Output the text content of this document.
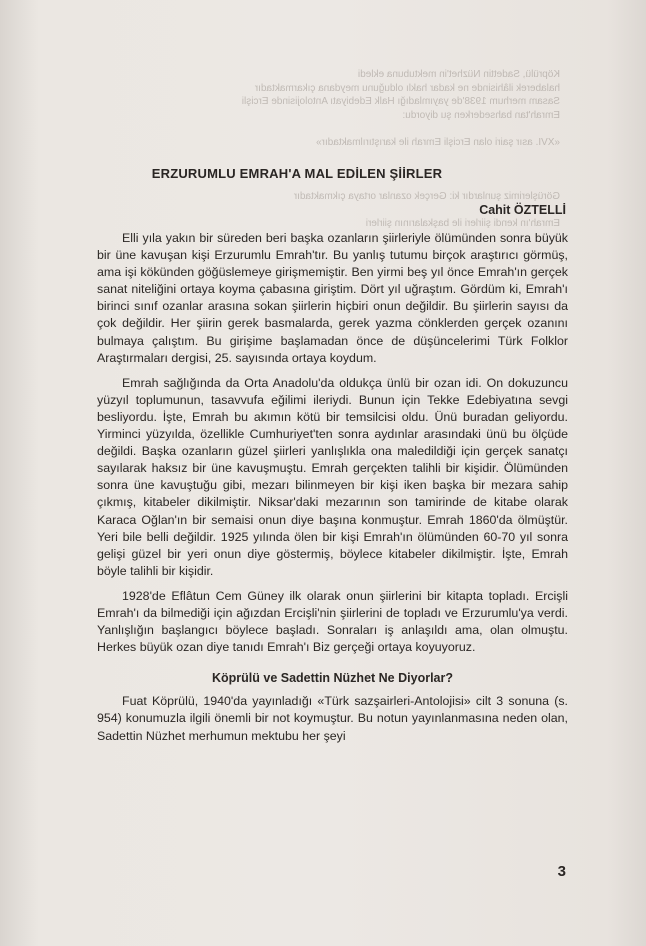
Köprülü, Sadettin Nüzhet'in mektubuna ekledi
halaberek ilâhisinde ne kadar haklı olduğunu meydana çıkarmaktadır
Sasam merhum 1938'de yayımladığı Halk Edebiyatı Antolojisinde Ercişli
Emrah'tan bahsederken şu diyordu:

«XVI. asır şairi olan Ercişli Emrah ile karıştırılmaktadır»

Görüşlerimiz şunlardır ki: Gerçek ozanlar ortaya çıkmaktadır

Emrah'ın kendi şiirleri ile başkalarının şiirleri
ERZURUMLU EMRAH'A MAL EDİLEN ŞİİRLER
Cahit ÖZTELLİ

Elli yıla yakın bir süreden beri başka ozanların şiirleriyle ölümünden sonra büyük bir üne kavuşan kişi Erzurumlu Emrah'tır. Bu yanlış tutumu birçok araştırıcı görmüş, ama işi kökünden göğüslemeye girişmemiştir. Ben yirmi beş yıl önce Emrah'ın gerçek sanat niteliğini ortaya koyma çabasına giriştim. Dört yıl uğraştım. Gördüm ki, Emrah'ı birinci sınıf ozanlar arasına sokan şiirlerin hiçbiri onun değildir. Bu şiirlerin sayısı da çok değildir. Her şiirin gerek basmalarda, gerek yazma cönklerden gerçek ozanını bulmaya çalıştım. Bu girişime başlamadan önce de düşüncelerimi Türk Folklor Araştırmaları dergisi, 25. sayısında ortaya koydum.

Emrah sağlığında da Orta Anadolu'da oldukça ünlü bir ozan idi. On dokuzuncu yüzyıl toplumunun, tasavvufa eğilimi ileriydi. Bunun için Tekke Edebiyatına sevgi besliyordu. İşte, Emrah bu akımın kötü bir temsilcisi oldu. Ünü buradan geliyordu. Yirminci yüzyılda, özellikle Cumhuriyet'ten sonra aydınlar arasındaki ünü bu ölçüde değildi. Başka ozanların güzel şiirleri yanlışlıkla ona maledildiği için gerçek sanatçı sayılarak haksız bir üne kavuşmuştu. Emrah gerçekten talihli bir kişidir. Ölümünden sonra üne kavuştuğu gibi, mezarı bilinmeyen bir kişi iken başka bir mezara sahip çıkmış, kitabeler dikilmiştir. Niksar'daki mezarının son tamirinde de kitabe olarak Karaca Oğlan'ın bir semaisi onun diye başına konmuştur. Emrah 1860'da ölmüştür. Yeri bile belli değildir. 1925 yılında ölen bir kişi Emrah'ın ölümünden 60-70 yıl sonra gelişi güzel bir yeri onun diye göstermiş, böylece kitabeler dikilmiştir. İşte, Emrah böyle talihli bir kişidir.

1928'de Eflâtun Cem Güney ilk olarak onun şiirlerini bir kitapta topladı. Ercişli Emrah'ı da bilmediği için ağızdan Ercişli'nin şiirlerini de topladı ve Erzurumlu'ya verdi. Yanlışlığın başlangıcı böylece başladı. Sonraları iş anlaşıldı ama, olan olmuştu. Herkes büyük ozan diye tanıdı Emrah'ı Biz gerçeği ortaya koyuyoruz.

Köprülü ve Sadettin Nüzhet Ne Diyorlar?

Fuat Köprülü, 1940'da yayınladığı «Türk sazşairleri-Antolojisi» cilt 3 sonuna (s. 954) konumuzla ilgili önemli bir not koymuştur. Bu notun yayınlanmasına neden olan, Sadettin Nüzhet merhumun mektubu her şeyi

3
